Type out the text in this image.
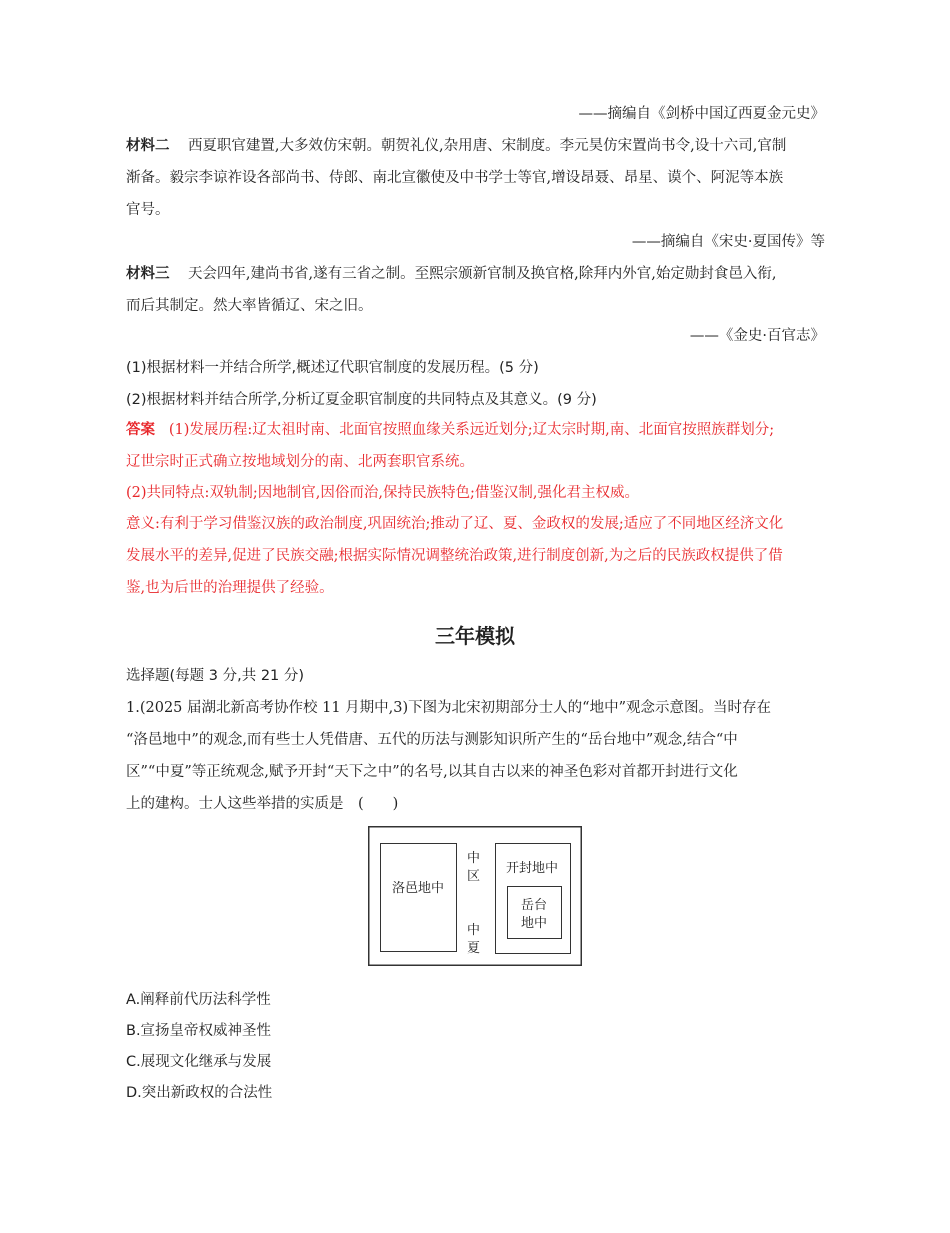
——摘编自《剑桥中国辽西夏金元史》
材料二 西夏职官建置,大多效仿宋朝。朝贺礼仪,杂用唐、宋制度。李元昊仿宋置尚书令,设十六司,官制
渐备。毅宗李谅祚设各部尚书、侍郎、南北宣徽使及中书学士等官,增设昂聂、昂星、谟个、阿泥等本族
官号。
——摘编自《宋史·夏国传》等
材料三 天会四年,建尚书省,遂有三省之制。至熙宗颁新官制及换官格,除拜内外官,始定勋封食邑入衔,
而后其制定。然大率皆循辽、宋之旧。
——《金史·百官志》
(1)根据材料一并结合所学,概述辽代职官制度的发展历程。(5 分)
(2)根据材料并结合所学,分析辽夏金职官制度的共同特点及其意义。(9 分)
答案 (1)发展历程:辽太祖时南、北面官按照血缘关系远近划分;辽太宗时期,南、北面官按照族群划分;
辽世宗时正式确立按地域划分的南、北两套职官系统。
(2)共同特点:双轨制;因地制官,因俗而治,保持民族特色;借鉴汉制,强化君主权威。
意义:有利于学习借鉴汉族的政治制度,巩固统治;推动了辽、夏、金政权的发展;适应了不同地区经济文化
发展水平的差异,促进了民族交融;根据实际情况调整统治政策,进行制度创新,为之后的民族政权提供了借
鉴,也为后世的治理提供了经验。
三年模拟
选择题(每题 3 分,共 21 分)
1.(2025 届湖北新高考协作校 11 月期中,3)下图为北宋初期部分士人的“地中”观念示意图。当时存在
“洛邑地中”的观念,而有些士人凭借唐、五代的历法与测影知识所产生的“岳台地中”观念,结合“中
区”“中夏”等正统观念,赋予开封“天下之中”的名号,以其自古以来的神圣色彩对首都开封进行文化
上的建构。士人这些举措的实质是　(　　)
洛邑地中
中
区
中
夏
开封地中
岳台
地中
A.阐释前代历法科学性
B.宣扬皇帝权威神圣性
C.展现文化继承与发展
D.突出新政权的合法性
